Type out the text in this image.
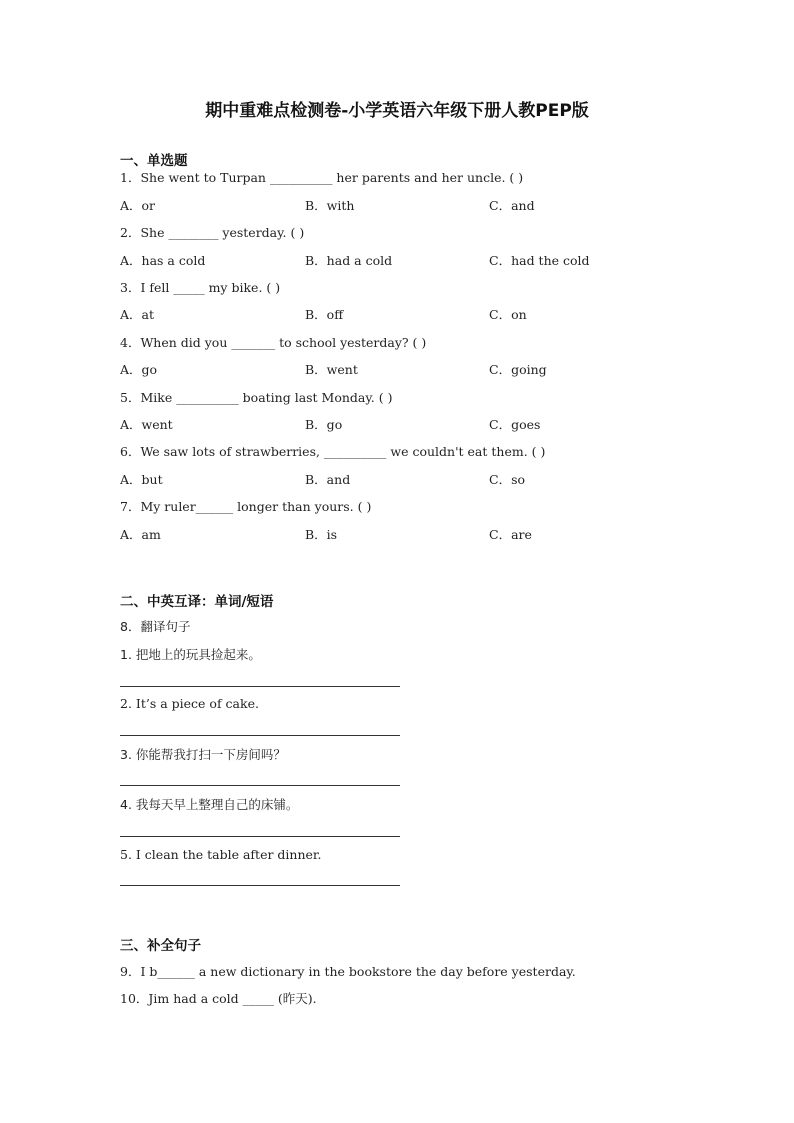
期中重难点检测卷-小学英语六年级下册人教PEP版
一、单选题
1．She went to Turpan __________ her parents and her uncle. ( )
A．or	B．with	C．and
2．She ________ yesterday. ( )
A．has a cold	B．had a cold	C．had the cold
3．I fell _____ my bike. ( )
A．at	B．off	C．on
4．When did you _______ to school yesterday? ( )
A．go	B．went	C．going
5．Mike __________ boating last Monday. ( )
A．went	B．go	C．goes
6．We saw lots of strawberries, __________ we couldn't eat them. ( )
A．but	B．and	C．so
7．My ruler______ longer than yours. ( )
A．am	B．is	C．are
二、中英互译：单词/短语
8．翻译句子
1. 把地上的玩具捡起来。
2. It’s a piece of cake.
3. 你能帮我打扫一下房间吗？
4. 我每天早上整理自己的床铺。
5. I clean the table after dinner.
三、补全句子
9．I b______ a new dictionary in the bookstore the day before yesterday.
10．Jim had a cold _____ (昨天).
